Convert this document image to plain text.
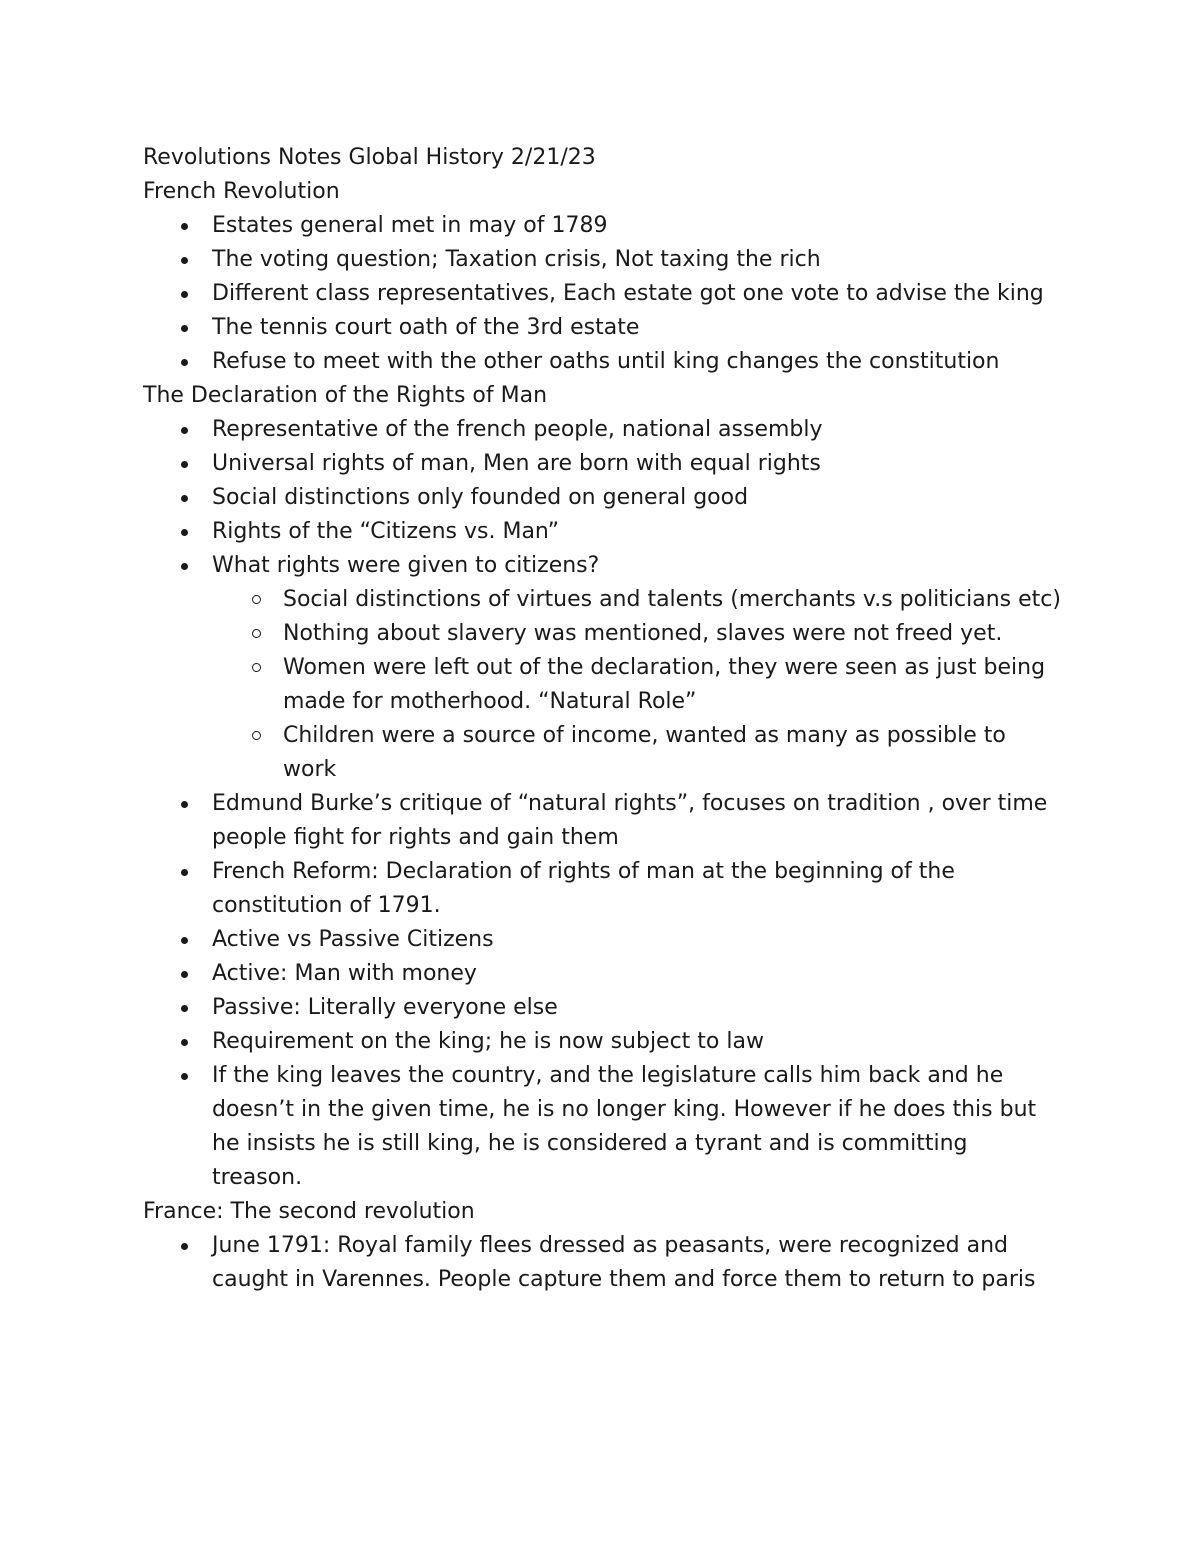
Revolutions Notes Global History 2/21/23

French Revolution

Estates general met in may of 1789
The voting question; Taxation crisis, Not taxing the rich
Different class representatives, Each estate got one vote to advise the king
The tennis court oath of the 3rd estate
Refuse to meet with the other oaths until king changes the constitution

The Declaration of the Rights of Man

Representative of the french people, national assembly
Universal rights of man, Men are born with equal rights
Social distinctions only founded on general good
Rights of the “Citizens vs. Man”
What rights were given to citizens?
Social distinctions of virtues and talents (merchants v.s politicians etc)
Nothing about slavery was mentioned, slaves were not freed yet.
Women were left out of the declaration, they were seen as just being made for motherhood. “Natural Role”
Children were a source of income, wanted as many as possible to work
Edmund Burke’s critique of “natural rights”, focuses on tradition , over time people fight for rights and gain them
French Reform: Declaration of rights of man at the beginning of the constitution of 1791.
Active vs Passive Citizens
Active: Man with money
Passive: Literally everyone else
Requirement on the king; he is now subject to law
If the king leaves the country, and the legislature calls him back and he doesn’t in the given time, he is no longer king. However if he does this but he insists he is still king, he is considered a tyrant and is committing treason.

France: The second revolution

June 1791: Royal family flees dressed as peasants, were recognized and caught in Varennes. People capture them and force them to return to paris
